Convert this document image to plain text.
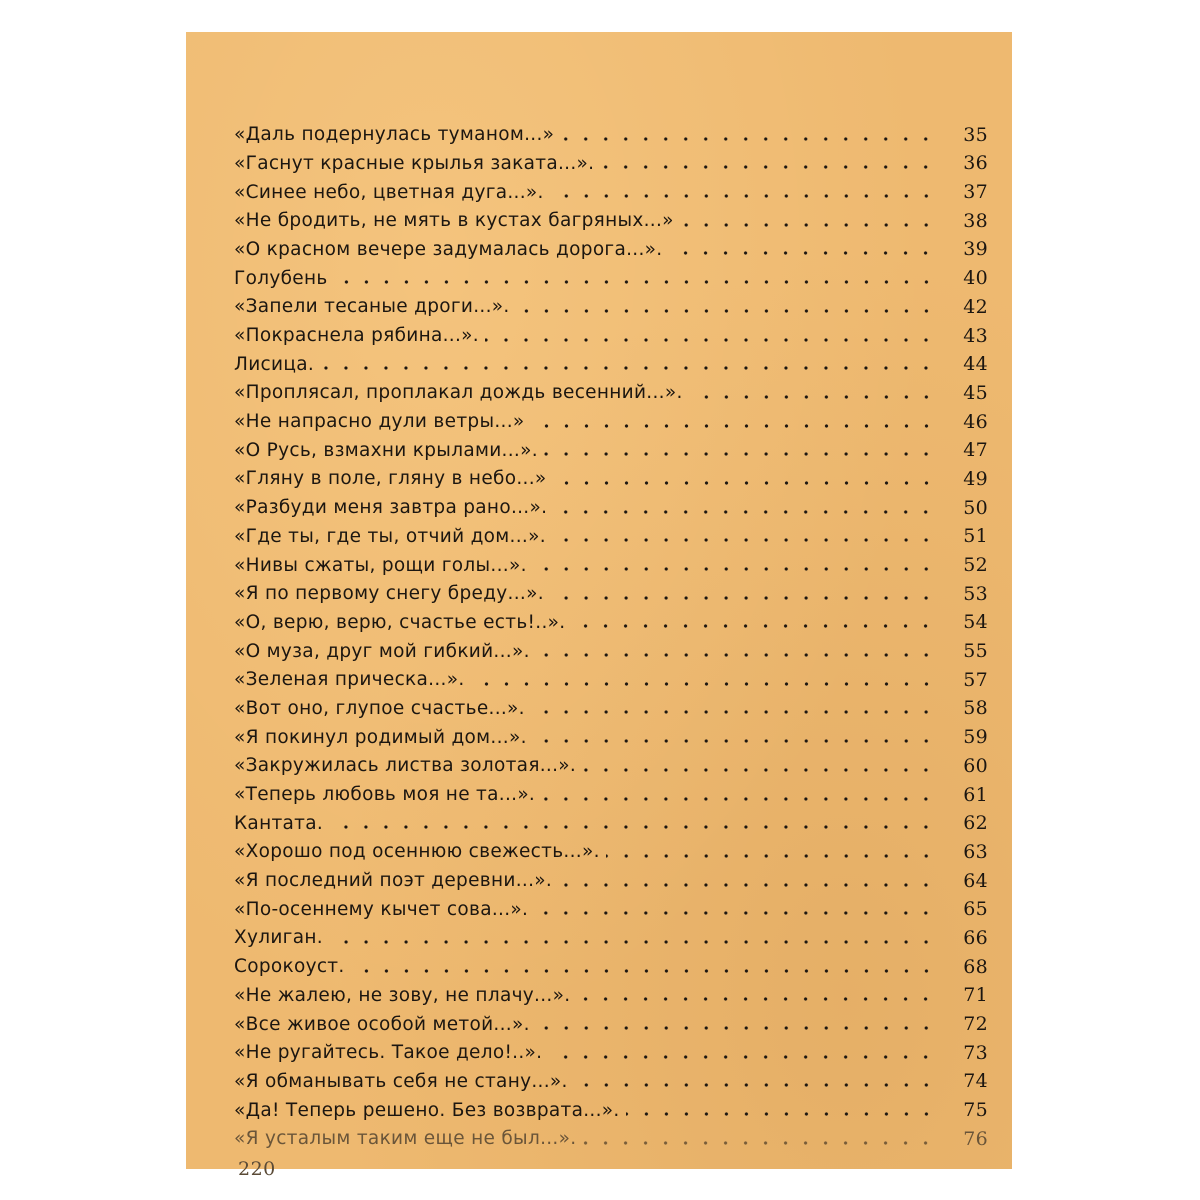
«Даль подернулась туманом...»	35
«Гаснут красные крылья заката...».	36
«Синее небо, цветная дуга...».	37
«Не бродить, не мять в кустах багряных...»	38
«О красном вечере задумалась дорога...».	39
Голубень	40
«Запели тесаные дроги...».	42
«Покраснела рябина...».	43
Лисица.	44
«Проплясал, проплакал дождь весенний...».	45
«Не напрасно дули ветры...»	46
«О Русь, взмахни крылами...».	47
«Гляну в поле, гляну в небо...»	49
«Разбуди меня завтра рано...».	50
«Где ты, где ты, отчий дом...».	51
«Нивы сжаты, рощи голы...».	52
«Я по первому снегу бреду...».	53
«О, верю, верю, счастье есть!..».	54
«О муза, друг мой гибкий...».	55
«Зеленая прическа...».	57
«Вот оно, глупое счастье...».	58
«Я покинул родимый дом...».	59
«Закружилась листва золотая...».	60
«Теперь любовь моя не та...».	61
Кантата.	62
«Хорошо под осеннюю свежесть...».	63
«Я последний поэт деревни...».	64
«По-осеннему кычет сова...».	65
Хулиган.	66
Сорокоуст.	68
«Не жалею, не зову, не плачу...».	71
«Все живое особой метой...».	72
«Не ругайтесь. Такое дело!..».	73
«Я обманывать себя не стану...».	74
«Да! Теперь решено. Без возврата...».	75
«Я усталым таким еще не был...».	76
220
